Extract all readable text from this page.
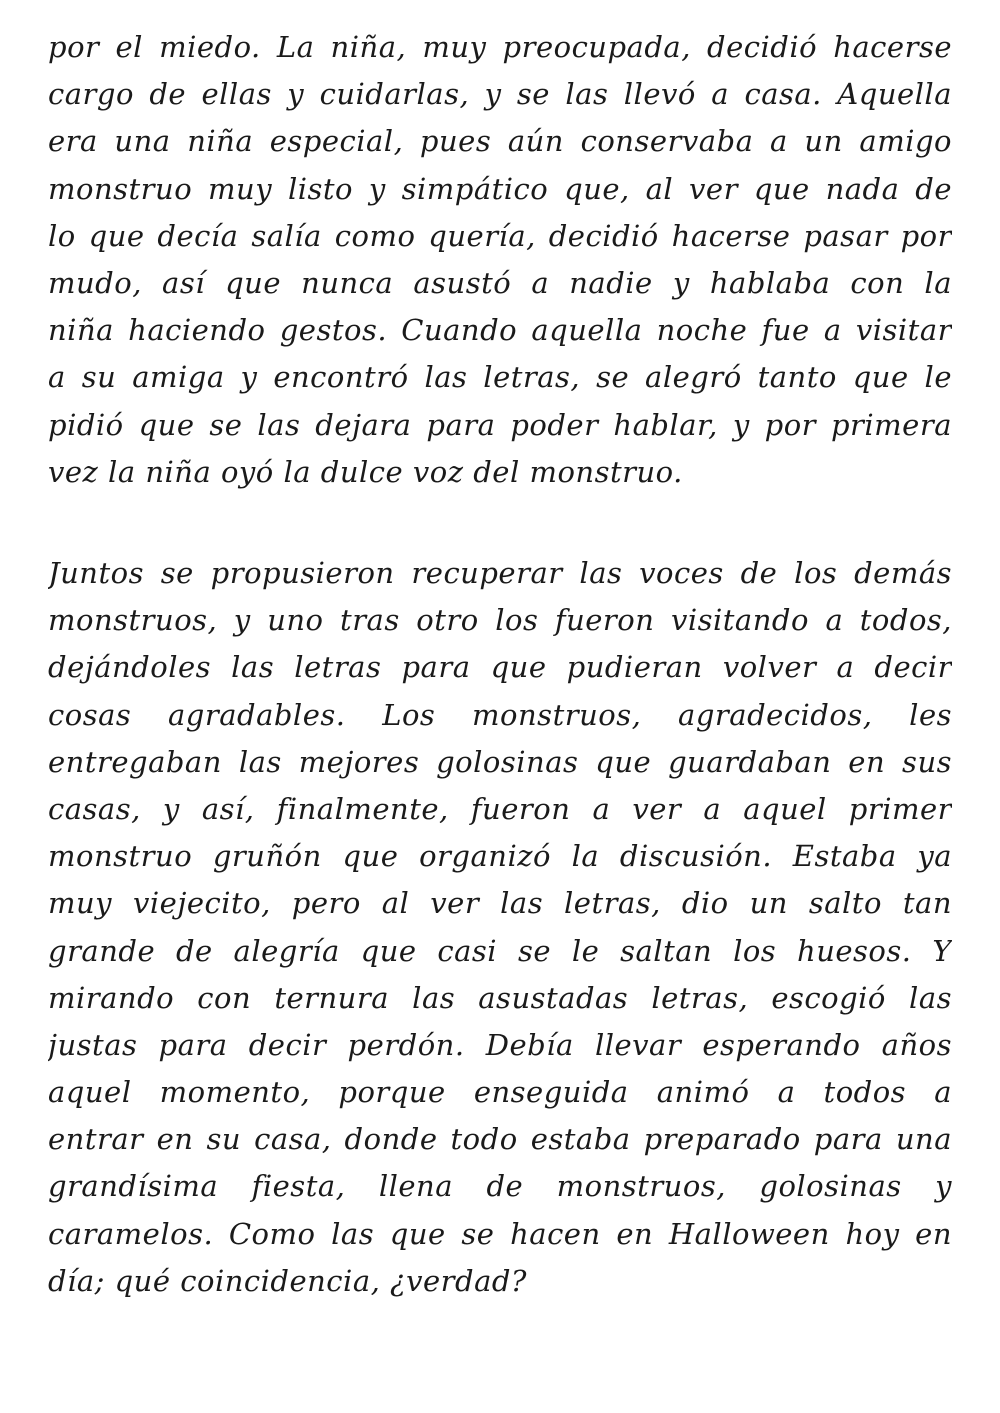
por el miedo. La niña, muy preocupada, decidió hacerse
cargo de ellas y cuidarlas, y se las llevó a casa. Aquella
era una niña especial, pues aún conservaba a un amigo
monstruo muy listo y simpático que, al ver que nada de
lo que decía salía como quería, decidió hacerse pasar por
mudo, así que nunca asustó a nadie y hablaba con la
niña haciendo gestos. Cuando aquella noche fue a visitar
a su amiga y encontró las letras, se alegró tanto que le
pidió que se las dejara para poder hablar, y por primera
vez la niña oyó la dulce voz del monstruo.
Juntos se propusieron recuperar las voces de los demás
monstruos, y uno tras otro los fueron visitando a todos,
dejándoles las letras para que pudieran volver a decir
cosas agradables. Los monstruos, agradecidos, les
entregaban las mejores golosinas que guardaban en sus
casas, y así, finalmente, fueron a ver a aquel primer
monstruo gruñón que organizó la discusión. Estaba ya
muy viejecito, pero al ver las letras, dio un salto tan
grande de alegría que casi se le saltan los huesos. Y
mirando con ternura las asustadas letras, escogió las
justas para decir perdón. Debía llevar esperando años
aquel momento, porque enseguida animó a todos a
entrar en su casa, donde todo estaba preparado para una
grandísima fiesta, llena de monstruos, golosinas y
caramelos. Como las que se hacen en Halloween hoy en
día; qué coincidencia, ¿verdad?
